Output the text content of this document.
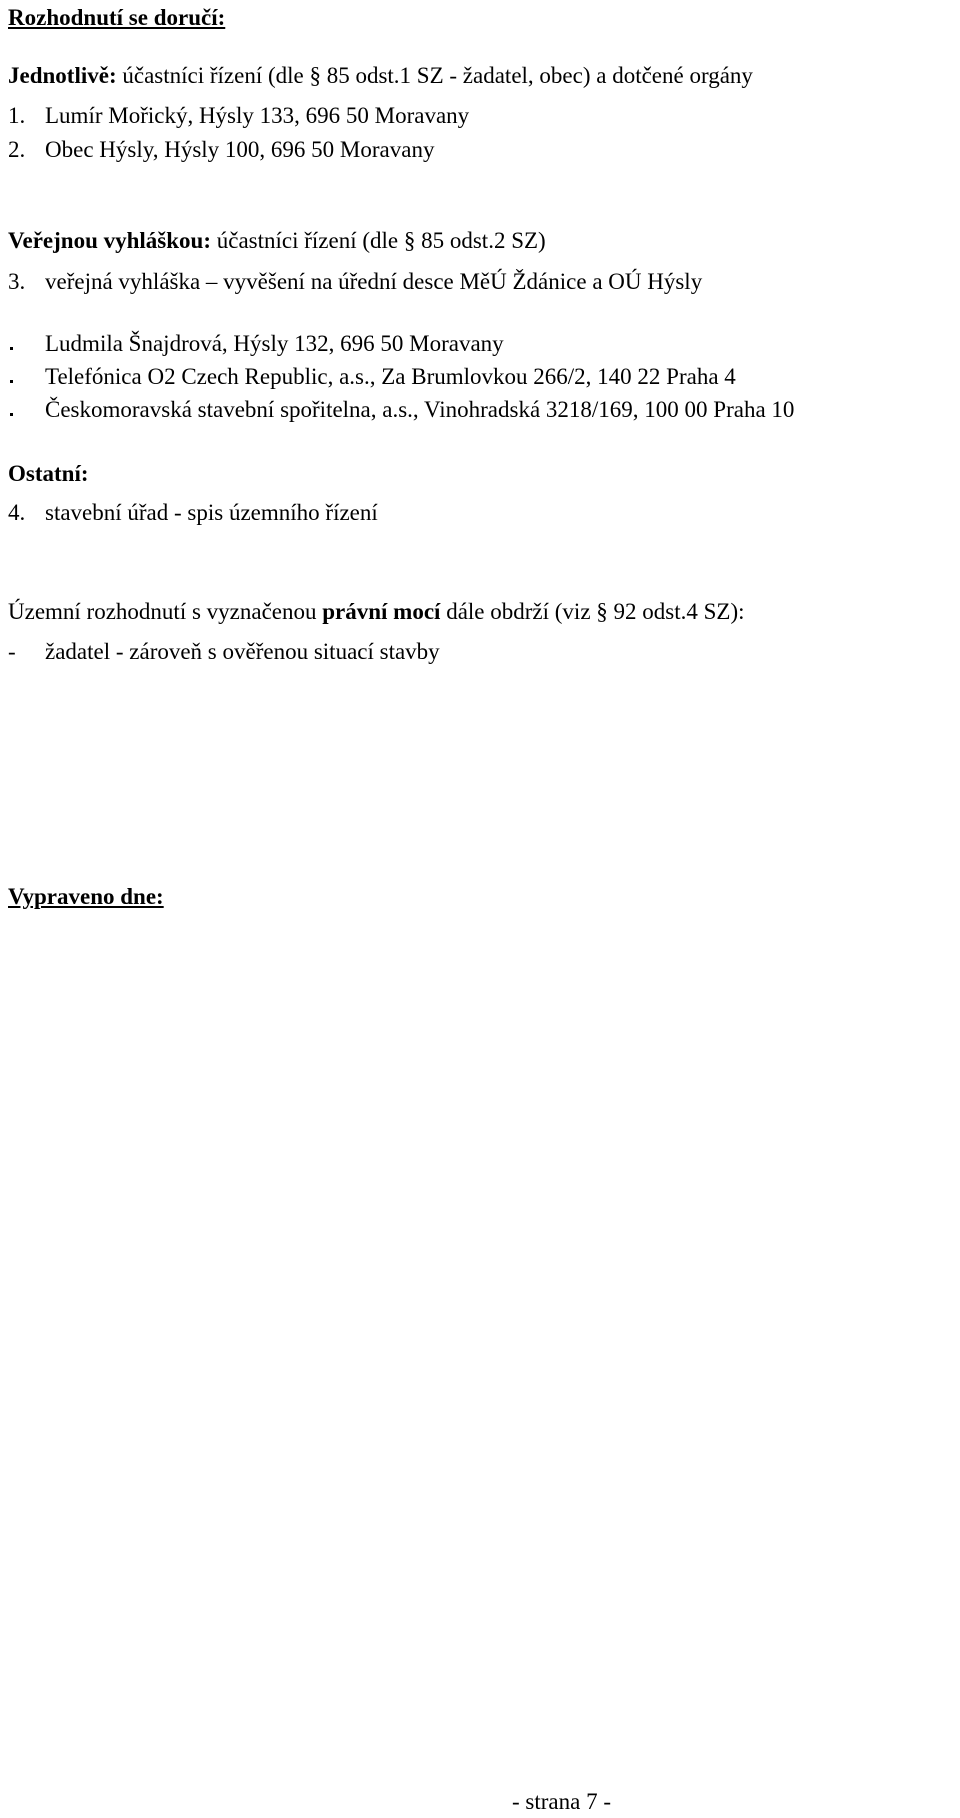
Rozhodnutí se doručí:
Jednotlivě: účastníci řízení (dle § 85 odst.1 SZ - žadatel, obec) a dotčené orgány
1. Lumír Mořický, Hýsly 133, 696 50 Moravany
2. Obec Hýsly, Hýsly 100, 696 50 Moravany
Veřejnou vyhláškou: účastníci řízení (dle § 85 odst.2 SZ)
3. veřejná vyhláška – vyvěšení na úřední desce MěÚ Ždánice a OÚ Hýsly
Ludmila Šnajdrová, Hýsly 132, 696 50 Moravany
Telefónica O2 Czech Republic, a.s., Za Brumlovkou 266/2, 140 22 Praha 4
Českomoravská stavební spořitelna, a.s., Vinohradská 3218/169, 100 00 Praha 10
Ostatní:
4. stavební úřad - spis územního řízení
Územní rozhodnutí s vyznačenou právní mocí dále obdrží (viz § 92 odst.4 SZ):
- žadatel - zároveň s ověřenou situací stavby
Vypraveno dne:
- strana 7 -
